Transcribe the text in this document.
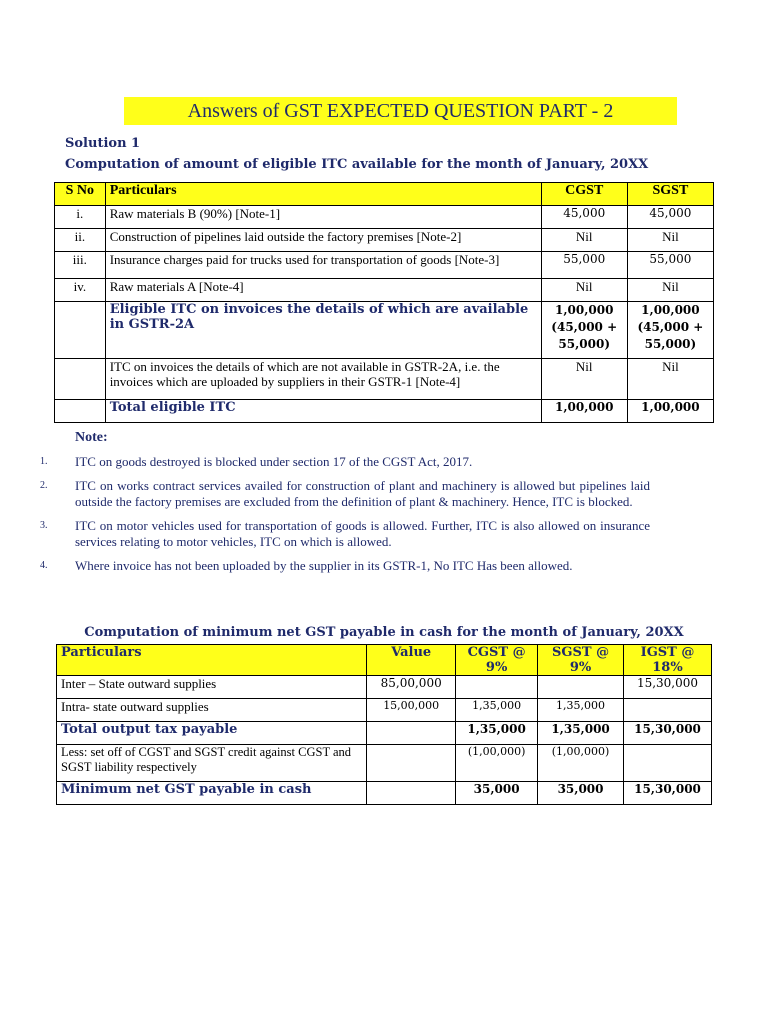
Answers of GST EXPECTED QUESTION PART - 2
Solution 1
Computation of amount of eligible ITC available for the month of January, 20XX
S No	Particulars	CGST	SGST
i.	Raw materials B (90%) [Note-1]	45,000	45,000
ii.	Construction of pipelines laid outside the factory premises [Note-2]	Nil	Nil
iii.	Insurance charges paid for trucks used for transportation of goods [Note-3]	55,000	55,000
iv.	Raw materials A [Note-4]	Nil	Nil
	Eligible ITC on invoices the details of which are available in GSTR-2A	1,00,000 (45,000 + 55,000)	1,00,000 (45,000 + 55,000)
	ITC on invoices the details of which are not available in GSTR-2A, i.e. the invoices which are uploaded by suppliers in their GSTR-1 [Note-4]	Nil	Nil
	Total eligible ITC	1,00,000	1,00,000
Note:
1.	ITC on goods destroyed is blocked under section 17 of the CGST Act, 2017.
2.	ITC on works contract services availed for construction of plant and machinery is allowed but pipelines laid outside the factory premises are excluded from the definition of plant & machinery. Hence, ITC is blocked.
3.	ITC on motor vehicles used for transportation of goods is allowed. Further, ITC is also allowed on insurance services relating to motor vehicles, ITC on which is allowed.
4.	Where invoice has not been uploaded by the supplier in its GSTR-1, No ITC Has been allowed.
Computation of minimum net GST payable in cash for the month of January, 20XX
Particulars	Value	CGST @ 9%	SGST @ 9%	IGST @ 18%
Inter – State outward supplies	85,00,000			15,30,000
Intra- state outward supplies	15,00,000	1,35,000	1,35,000	
Total output tax payable		1,35,000	1,35,000	15,30,000
Less: set off of CGST and SGST credit against CGST and SGST liability respectively		(1,00,000)	(1,00,000)	
Minimum net GST payable in cash		35,000	35,000	15,30,000
